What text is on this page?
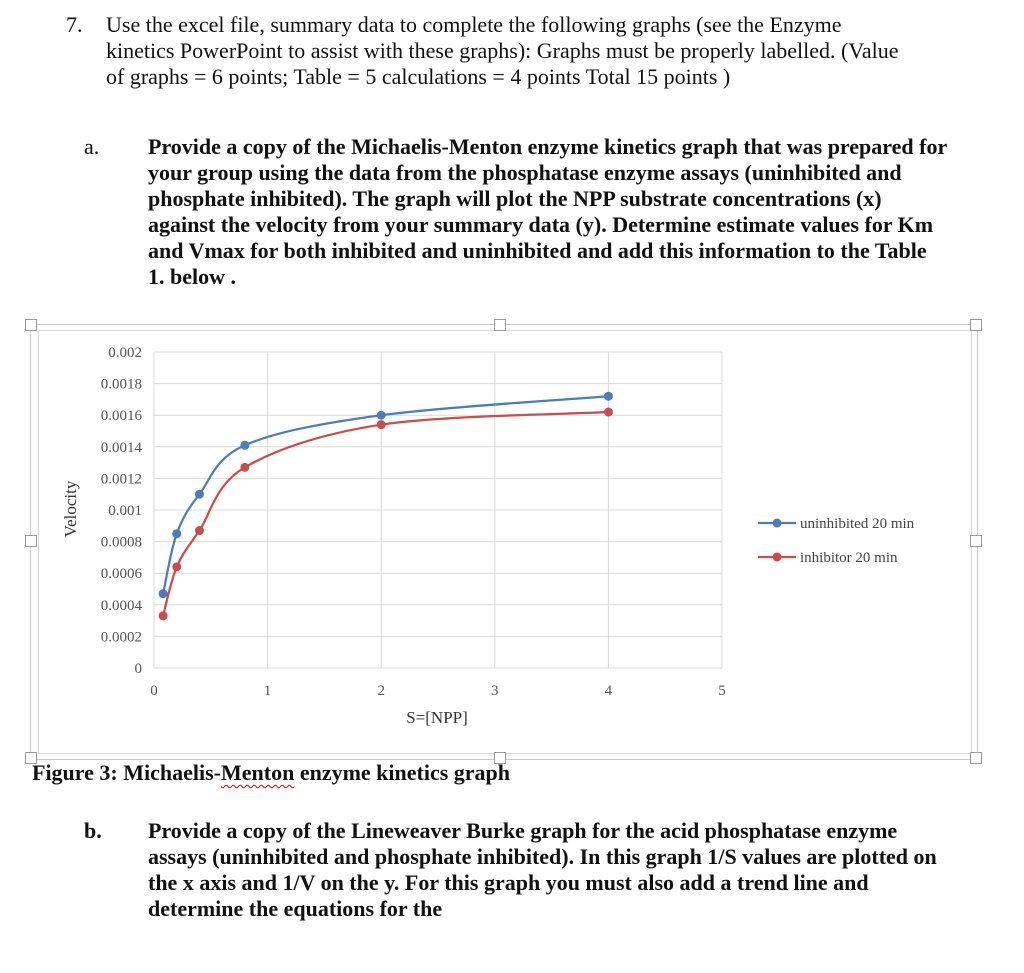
7. Use the excel file, summary data to complete the following graphs (see the Enzyme kinetics PowerPoint to assist with these graphs): Graphs must be properly labelled. (Value of graphs = 6 points; Table = 5 calculations = 4 points Total 15 points )
a. Provide a copy of the Michaelis-Menton enzyme kinetics graph that was prepared for your group using the data from the phosphatase enzyme assays (uninhibited and phosphate inhibited). The graph will plot the NPP substrate concentrations (x) against the velocity from your summary data (y). Determine estimate values for Km and Vmax for both inhibited and uninhibited and add this information to the Table 1. below .
0
0.0002
0.0004
0.0006
0.0008
0.001
0.0012
0.0014
0.0016
0.0018
0.002
0	1	2	3	4	5
Velocity
S=[NPP]
uninhibited 20 min
inhibitor 20 min
Figure 3: Michaelis-Menton enzyme kinetics graph
b. Provide a copy of the Lineweaver Burke graph for the acid phosphatase enzyme assays (uninhibited and phosphate inhibited). In this graph 1/S values are plotted on the x axis and 1/V on the y. For this graph you must also add a trend line and determine the equations for the
